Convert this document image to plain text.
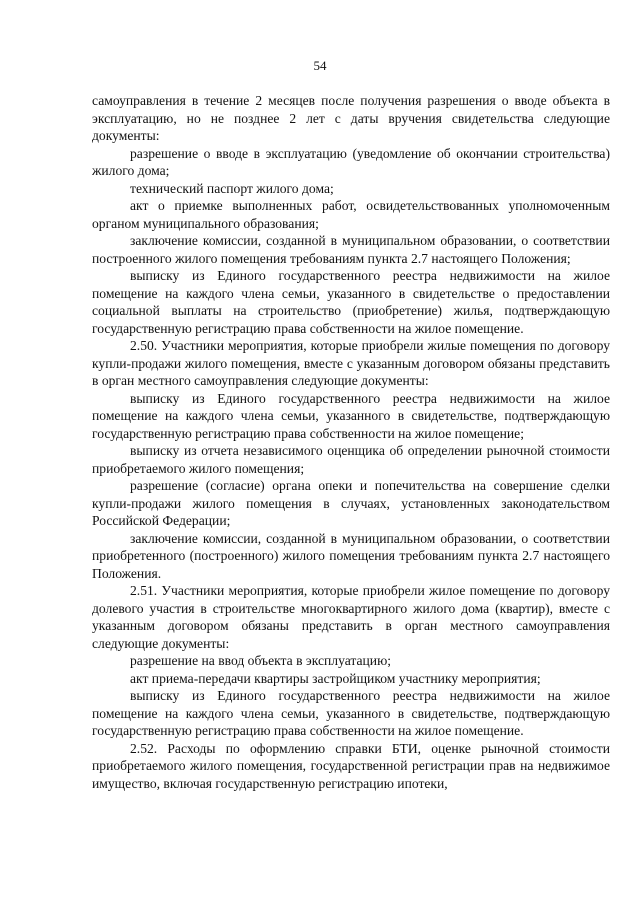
54

самоуправления в течение 2 месяцев после получения разрешения о вводе объекта в эксплуатацию, но не позднее 2 лет с даты вручения свидетельства следующие документы:

разрешение о вводе в эксплуатацию (уведомление об окончании строительства) жилого дома;

технический паспорт жилого дома;

акт о приемке выполненных работ, освидетельствованных уполномоченным органом муниципального образования;

заключение комиссии, созданной в муниципальном образовании, о соответствии построенного жилого помещения требованиям пункта 2.7 настоящего Положения;

выписку из Единого государственного реестра недвижимости на жилое помещение на каждого члена семьи, указанного в свидетельстве о предоставлении социальной выплаты на строительство (приобретение) жилья, подтверждающую государственную регистрацию права собственности на жилое помещение.

2.50. Участники мероприятия, которые приобрели жилые помещения по договору купли-продажи жилого помещения, вместе с указанным договором обязаны представить в орган местного самоуправления следующие документы:

выписку из Единого государственного реестра недвижимости на жилое помещение на каждого члена семьи, указанного в свидетельстве, подтверждающую государственную регистрацию права собственности на жилое помещение;

выписку из отчета независимого оценщика об определении рыночной стоимости приобретаемого жилого помещения;

разрешение (согласие) органа опеки и попечительства на совершение сделки купли-продажи жилого помещения в случаях, установленных законодательством Российской Федерации;

заключение комиссии, созданной в муниципальном образовании, о соответствии приобретенного (построенного) жилого помещения требованиям пункта 2.7 настоящего Положения.

2.51. Участники мероприятия, которые приобрели жилое помещение по договору долевого участия в строительстве многоквартирного жилого дома (квартир), вместе с указанным договором обязаны представить в орган местного самоуправления следующие документы:

разрешение на ввод объекта в эксплуатацию;

акт приема-передачи квартиры застройщиком участнику мероприятия;

выписку из Единого государственного реестра недвижимости на жилое помещение на каждого члена семьи, указанного в свидетельстве, подтверждающую государственную регистрацию права собственности на жилое помещение.

2.52. Расходы по оформлению справки БТИ, оценке рыночной стоимости приобретаемого жилого помещения, государственной регистрации прав на недвижимое имущество, включая государственную регистрацию ипотеки,
